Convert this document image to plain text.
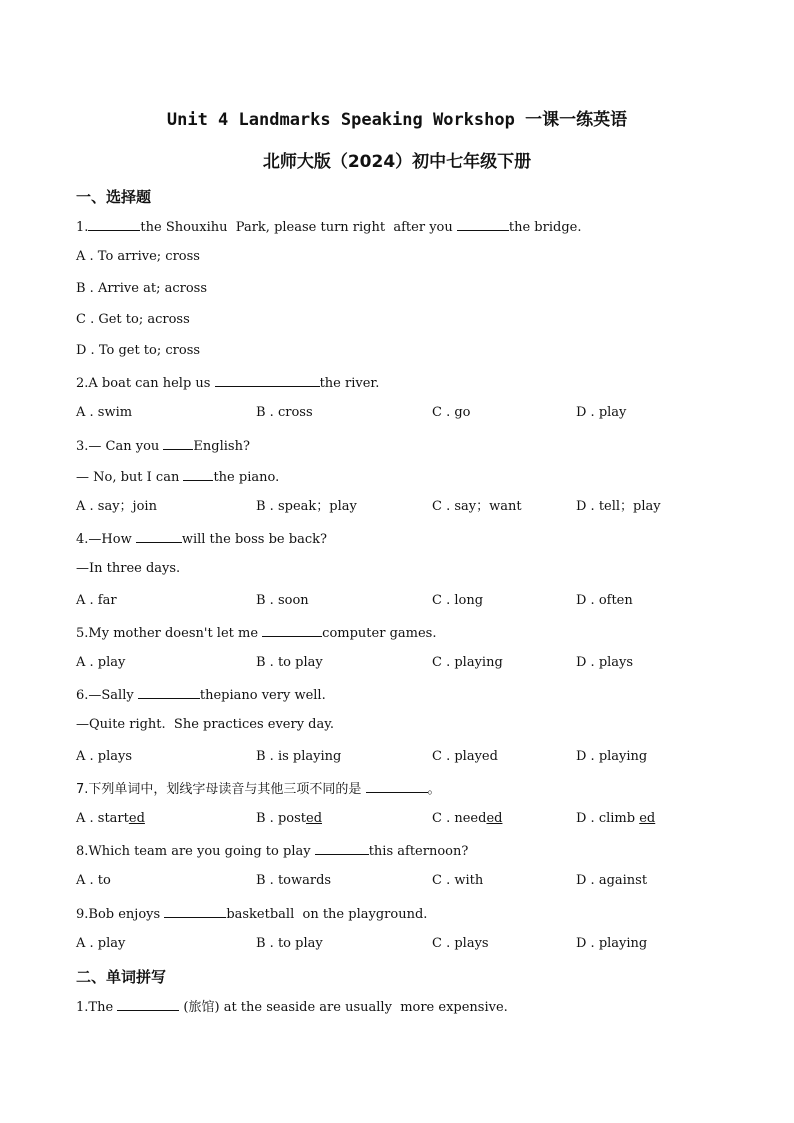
Unit 4 Landmarks Speaking Workshop 一课一练英语
北师大版（2024）初中七年级下册
一、选择题
1.	the Shouxihu  Park, please turn right  after you	the bridge.
A . To arrive; cross
B . Arrive at; across
C . Get to; across
D . To get to; cross
2.A boat can help us	the river.
A . swim	B . cross	C . go	D . play
3.— Can you English?
— No, but I can the piano.
A . say；join	B . speak；play	C . say；want	D . tell；play
4.—How	will the boss be back?
—In three days.
A . far	B . soon	C . long	D . often
5.My mother doesn't let me	computer games.
A . play	B . to play	C . playing	D . plays
6.—Sally	thepiano very well.
—Quite right.  She practices every day.
A . plays	B . is playing	C . played	D . playing
7.下列单词中，划线字母读音与其他三项不同的是	。
A . started	B . posted	C . needed	D . climb ed
8.Which team are you going to play	this afternoon?
A . to	B . towards	C . with	D . against
9.Bob enjoys	basketball  on the playground.
A . play	B . to play	C . plays	D . playing
二、单词拼写
1.The	(旅馆) at the seaside are usually  more expensive.
